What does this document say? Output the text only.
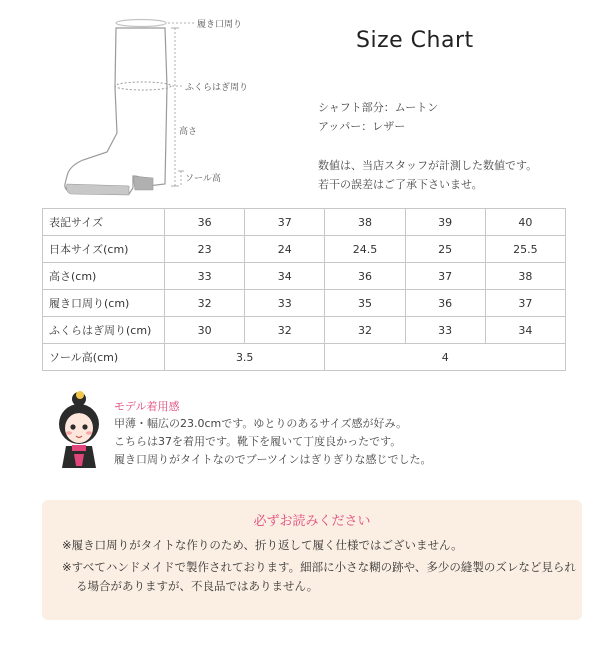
履き口周り
ふくらはぎ周り
高さ
ソール高
Size Chart
シャフト部分：ムートン
アッパー：レザー
数値は、当店スタッフが計測した数値です。
若干の誤差はご了承下さいませ。
表記サイズ	36	37	38	39	40
日本サイズ(cm)	23	24	24.5	25	25.5
高さ(cm)	33	34	36	37	38
履き口周り(cm)	32	33	35	36	37
ふくらはぎ周り(cm)	30	32	32	33	34
ソール高(cm)	3.5		4		
モデル着用感
甲薄・幅広の23.0cmです。ゆとりのあるサイズ感が好み。
こちらは37を着用です。靴下を履いて丁度良かったです。
履き口周りがタイトなのでブーツインはぎりぎりな感じでした。
必ずお読みください
※履き口周りがタイトな作りのため、折り返して履く仕様ではございません。
※すべてハンドメイドで製作されております。細部に小さな糊の跡や、多少の縫製のズレなど見られる場合がありますが、不良品ではありません。
